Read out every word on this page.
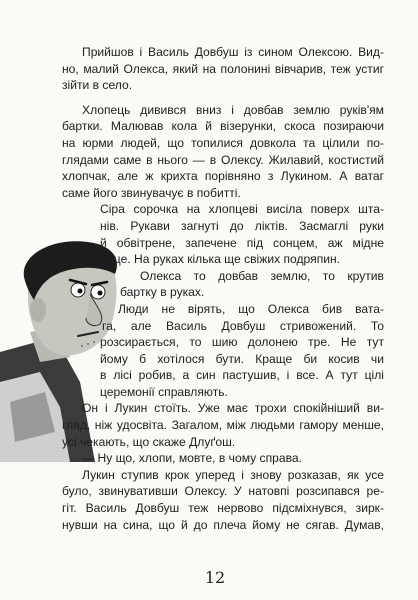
Прийшов і Василь Довбуш із сином Олексою. Вид-
но, малий Олекса, який на полонині вівчарив, теж устиг
зійти в село.

Хлопець дивився вниз і довбав землю руків'ям
бартки. Малював кола й візерунки, скоса позираючи
на юрми людей, що топилися довкола та цілили по-
глядами саме в нього — в Олексу. Жилавий, костистий
хлопчак, але ж крихта порівняно з Лукином. А ватаг
саме його звинувачує в побитті.

Сіра сорочка на хлопцеві висіла поверх шта-
нів. Рукави загнуті до ліктів. Засмаглі руки
й обвітрене, запечене під сонцем, аж мідне
лице. На руках кілька ще свіжих подряпин.

Олекса то довбав землю, то крутив
бартку в руках.

Люди не вірять, що Олекса бив вата-
га, але Василь Довбуш стривожений. То
розсирається, то шию долонею тре. Не тут
йому б хотілося бути. Краще би косив чи
в лісі робив, а син пастушив, і все. А тут цілі
церемонії справляють.

Он і Лукин стоїть. Уже має трохи спокійніший ви-
гляд, ніж удосвіта. Загалом, між людьми гамору менше,
усі чекають, що скаже Длуґош.

— Ну що, хлопи, мовте, в чому справа.

Лукин ступив крок уперед і знову розказав, як усе
було, звинувативши Олексу. У натовпі розсипався ре-
гіт. Василь Довбуш теж нервово підсміхнувся, зирк-
нувши на сина, що й до плеча йому не сягав. Думав,

12
